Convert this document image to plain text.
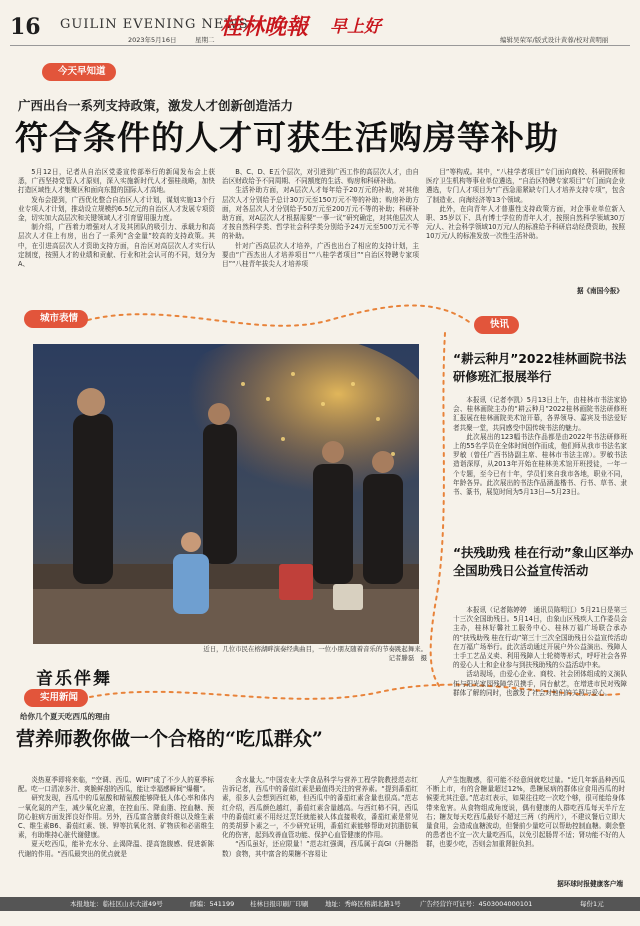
16 GUILIN EVENING NEWS
桂林晚報 早上好
2023年5月16日	星期二	编辑吴荣军/版式设计黄蓉/校对黄明丽
今天早知道
城市表情
快讯
实用新闻
广西出台一系列支持政策，激发人才创新创造活力
符合条件的人才可获生活购房等补助

5月12日，记者从自治区党委宣传部举行的新闻发布会上获悉，广西坚持党管人才原则，深入实施新时代人才强桂战略，加快打造区域性人才集聚区和面向东盟的国际人才高地。

发布会提到，广西优化整合自治区人才计划，谋划实施13个行业专项人才计划，推动设立规模约6.5亿元的自治区人才发展专项资金，切实加大高层次和关键领域人才引育留用服力度。

制介绍，广西着力增强对人才及其团队的吸引力、承载力和高层次人才住上有房，出台了一系列“含金量”较高的支持政策。其中，在引进高层次人才资助支持方面，自治区对高层次人才实行认定制度，按照人才的业绩和贡献、行业和社会认可的不同，划分为A、

B、C、D、E五个层次，对引进到广西工作的高层次人才，由自治区财政给予不同周期、不同额度的生活、购房和科研补助。

生活补助方面，对A层次人才每年给予20万元的补助，对其他层次人才分别给予总计30万元至150万元不等的补助；购房补助方面，对各层次人才分别给予50万元至200万元不等的补助；科研补助方面，对A层次人才根据需要“一事一议”研究确定，对其他层次人才按自然科学类、哲学社会科学类分别给予24万元至500万元不等的补助。

针对广西高层次人才培养，广西也出台了相应的支持计划，主要由“广西杰出人才培养项目”“八桂学者项目”“自治区特聘专家项目”“八桂青年拔尖人才培养项

目”等构成。其中，“八桂学者项目”专门面向商校、科研院所和医疗卫生机构等事业单位遴选，“自治区特聘专家项目”专门面向企业遴选，专门人才项目为“广西急需紧缺专门人才培养支持专项”，包含了制造业、向海经济等13个领域。

此外，在向青年人才普惠性支持政策方面，对企事业单位新入职、35岁以下、具有博士学位的青年人才，按照自然科学领域30万元/人、社会科学领域10万元/人的标准给予科研启动经费资助，按照10万元/人的标准发放一次性生活补助。

据《南国今报》
近日，几位市民在榕湖畔演奏经典曲目，一位小朋友随着音乐的节奏跳起舞来。
记者滕磊　摄
音乐伴舞
“耕云种月”2022桂林画院书法研修班汇报展举行

本报讯（记者李凯）5月13日上午，由桂林市书法家协会、桂林画院主办的“耕云种月”2022桂林画院书法研修班汇报展在桂林画院美术馆开幕，各界领导、嘉宾及书法爱好者共聚一堂，共同感受中国传统书法的魅力。

此次展出的123幅书法作品都是由2022年书法研修班上的55名学员在全体时间创作而成，他们师从我市书法名家罗敏（曾任广西书协副主席、桂林市书法主席）。罗敏书法造诣深厚，从2013年开始在桂林美术馆开班授徒，一年一个专题，至今已有十年，学员们来自我市各地，职业不同，年龄各异。此次展出的书法作品涵盖楷书、行书、草书、隶书、篆书，展览时间为5月13日—5月23日。

“扶残助残 桂在行动”象山区举办全国助残日公益宣传活动

本报讯（记者陈婷婷　通讯员陈明江）5月21日是第三十三次全国助残日。5月14日，由象山区残疾人工作委员会主办，桂林好馨社工服务中心、桂林万福广场联合承办的“扶残助残 桂在行动”第三十三次全国助残日公益宣传活动在万福广场举行。此次活动通过开展户外公益演出、残障人士手工艺品义卖、利用残障人士轮椅等形式，呼吁社会各界的爱心人士和企业参与到扶残助残的公益活动中来。

活动现场，由爱心企业、商校、社会团体组成的义演队伍与阳光家园残障学员携手，同台献艺，在增进市民对残障群体了解的同时，也激发了社会对他们的关照与爱心。

给你几个夏天吃西瓜的理由
营养师教你做一个合格的“吃瓜群众”

炎热夏季即将来临，“空调、西瓜、WIFI”成了不少人的夏季标配。吃一口清凉多汁、爽脆鲜甜的西瓜，能让幸福感瞬间“爆棚”。

研究发现，西瓜中的瓜氨酸和精氨酸能够降低人体心率和体内一氧化氮的产生，减少氧化应激，在控血压、降血脂、控血糖、预防心脏病方面发挥良好作用。另外，西瓜富含膳食纤维以及维生素C、维生素B6、番茄红素、镁、钾等抗氧化剂、矿物质和必需维生素，有助维持心脏代谢健康。

夏天吃西瓜，能补充水分、止渴降温、提高饱腹感、促进新陈代谢的作用。“西瓜最突出的优点就是

含水量大。”中国农业大学食品科学与营养工程学院教授范志红告诉记者，西瓜中的番茄红素是最值得关注的营养素。“提到番茄红素，很多人会想到西红柿，但西瓜中的番茄红素含量也很高。”范志红介绍，西瓜颜色越红，番茄红素含量越高。与西红柿不同，西瓜中的番茄红素不用经过烹饪就能被人体直接吸收，番茄红素是常见的类胡萝卜素之一，不少研究证明，番茄红素能够帮助对抗脂肪氧化的伤害，起到改善血管功能、保护心血管健康的作用。

“西瓜虽好，还应限量！”范志红强调，西瓜属于高GI（升糖指数）食物，其中富含的果糖不容易让

人产生饱腹感，很可能不经意间就吃过量。“近几年新品种西瓜不断上市，有的含糖量超过12%，患糖尿病的群体应食用西瓜的时候要尤其注意。”范志红表示，如果往往吃一次吃个够，很可能给身体带来危害。从食物组成角度说，偶有健康的人群吃西瓜每天半斤左右；糖友每天吃西瓜最好不超过三两（约两片），不建议餐后立即大量食用，会造成血糖波动，但餐前少量吃可以帮助控制血糖。剩余整的患者也不宜一次大量吃西瓜，以免引起肠胃不适；肾功能不好的人群，也要少吃，否则会加重肾脏负担。

据环球时报健康客户端
本报地址：临桂区山水大道49号	邮编：541199 桂林日报印刷厂印刷	地址：秀峰区榕湖北路1号	广告经营许可证号：4503004000101	每份1元
